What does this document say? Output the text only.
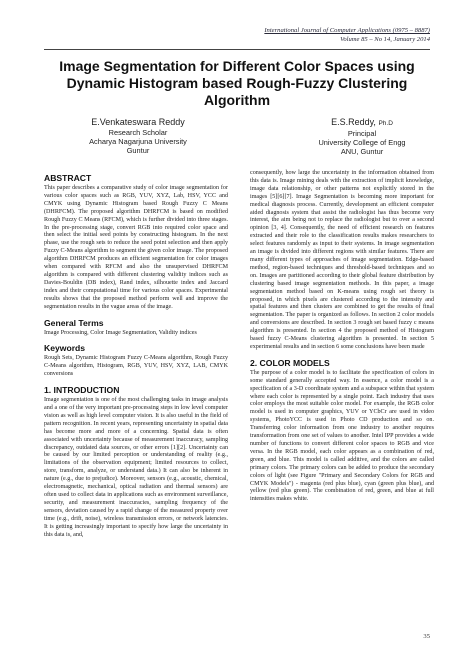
International Journal of Computer Applications (0975 – 8887)
Volume 85 – No 14, January 2014
Image Segmentation for Different Color Spaces using Dynamic Histogram based Rough-Fuzzy Clustering Algorithm
E.Venkateswara Reddy
Research Scholar
Acharya Nagarjuna University
Guntur
E.S.Reddy, Ph.D
Principal
University College of Engg
ANU, Guntur
ABSTRACT

This paper describes a comparative study of color image segmentation for various color spaces such as RGB, YUV, XYZ, Lab, HSV, YCC and CMYK using Dynamic Histogram based Rough Fuzzy C Means (DHRFCM). The proposed algorithm DHRFCM is based on modified Rough Fuzzy C Means (RFCM), which is further divided into three stages. In the pre-processing stage, convert RGB into required color space and then select the initial seed points by constructing histogram. In the next phase, use the rough sets to reduce the seed point selection and then apply Fuzzy C-Means algorithm to segment the given color image. The proposed algorithm DHRFCM produces an efficient segmentation for color images when compared with RFCM and also the unsupervised DHRFCM algorithm is compared with different clustering validity indices such as Davies-Bouldin (DB index), Rand index, silhouette index and Jaccard index and their computational time for various color spaces. Experimental results shows that the proposed method perform well and improve the segmentation results in the vague areas of the image.

General Terms

Image Processing, Color Image Segmentation, Validity indices

Keywords

Rough Sets, Dynamic Histogram Fuzzy C-Means algorithm, Rough Fuzzy C-Means algorithm, Histogram, RGB, YUV, HSV, XYZ, LAB, CMYK conversions

1. INTRODUCTION

Image segmentation is one of the most challenging tasks in image analysis and a one of the very important pre-processing steps in low level computer vision as well as high level computer vision. It is also useful in the field of pattern recognition. In recent years, representing uncertainty in spatial data has become more and more of a concerning. Spatial data is often associated with uncertainty because of measurement inaccuracy, sampling discrepancy, outdated data sources, or other errors [1][2]. Uncertainty can be caused by our limited perception or understanding of reality (e.g., limitations of the observation equipment; limited resources to collect, store, transform, analyze, or understand data.) It can also be inherent in nature (e.g., due to prejudice). Moreover, sensors (e.g., acoustic, chemical, electromagnetic, mechanical, optical radiation and thermal sensors) are often used to collect data in applications such as environment surveillance, security, and measurement inaccuracies, sampling frequency of the sensors, deviation caused by a rapid change of the measured property over time (e.g., drift, noise), wireless transmission errors, or network latencies. It is getting increasingly important to specify how large the uncertainty in this data is, and,

consequently, how large the uncertainty in the information obtained from this data is. Image mining deals with the extraction of implicit knowledge, image data relationship, or other patterns not explicitly stored in the images [5][6][7]. Image Segmentation is becoming more important for medical diagnosis process. Currently, development an efficient computer aided diagnosis system that assist the radiologist has thus become very interest, the aim being not to replace the radiologist but to over a second opinion [3, 4]. Consequently, the need of efficient research on features extracted and their role to the classification results makes researchers to select features randomly as input to their systems. In image segmentation an image is divided into different regions with similar features. There are many different types of approaches of image segmentation. Edge-based method, region-based techniques and threshold-based techniques and so on. Images are partitioned according to their global feature distribution by clustering based image segmentation methods. In this paper, a image segmentation method based on K-means using rough set theory is proposed, in which pixels are clustered according to the intensity and spatial features and then clusters are combined to get the results of final segmentation. The paper is organized as follows. In section 2 color models and conversions are described. In section 3 rough set based fuzzy c means algorithm is presented. In section 4 the proposed method of Histogram based fuzzy C-Means clustering algorithm is presented. In section 5 experimental results and in section 6 some conclusions have been made

2. COLOR MODELS

The purpose of a color model is to facilitate the specification of colors in some standard generally accepted way. In essence, a color model is a specification of a 3-D coordinate system and a subspace within that system where each color is represented by a single point. Each industry that uses color employs the most suitable color model. For example, the RGB color model is used in computer graphics, YUV or YCbCr are used in video systems, PhotoYCC is used in Photo CD production and so on. Transferring color information from one industry to another requires transformation from one set of values to another. Intel IPP provides a wide number of functions to convert different color spaces to RGB and vice versa. In the RGB model, each color appears as a combination of red, green, and blue. This model is called additive, and the colors are called primary colors. The primary colors can be added to produce the secondary colors of light (see Figure "Primary and Secondary Colors for RGB and CMYK Models") - magenta (red plus blue), cyan (green plus blue), and yellow (red plus green). The combination of red, green, and blue at full intensities makes white.

35
